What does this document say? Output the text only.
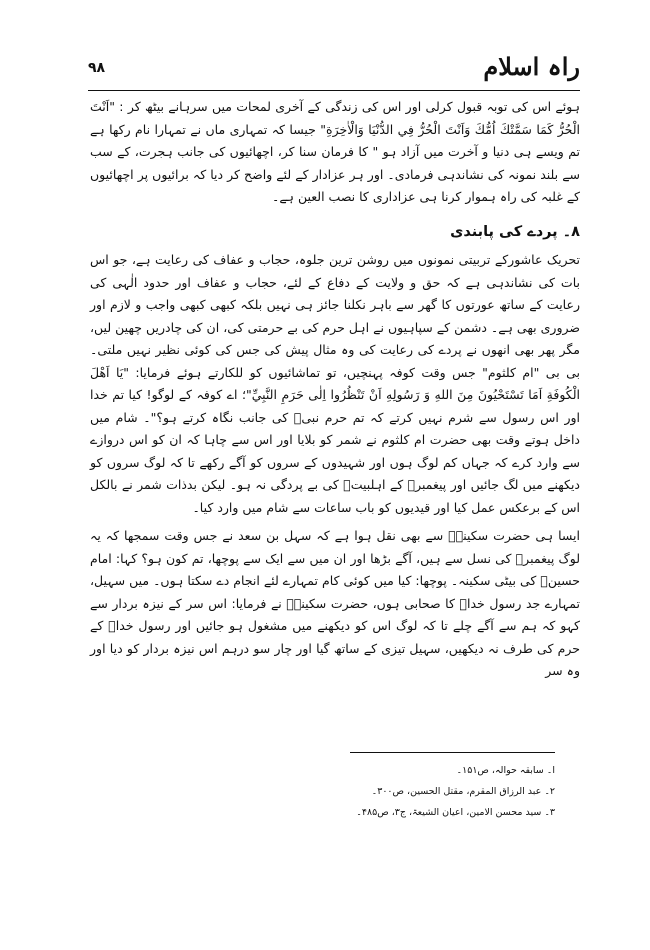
راہ اسلام
۹۸

ہوئے اس کی توبہ قبول کرلی اور اس کی زندگی کے آخری لمحات میں سرہانے بیٹھ کر : "اَنْتَ الْحُرُّ كَمَا سَمَّتْكَ اُمُّكَ وَاَنْتَ الْحُرُّ فِي الدُّنْيَا وَالْاٰخِرَةِ" جیسا کہ تمہاری ماں نے تمہارا نام رکھا ہے تم ویسے ہی دنیا و آخرت میں آزاد ہو " کا فرمان سنا کر، اچھائیوں کی جانب ہجرت، کے سب سے بلند نمونہ کی نشاندہی فرمادی۔ اور ہر عزادار کے لئے واضح کر دیا کہ برائیوں پر اچھائیوں کے غلبہ کی راہ ہموار کرنا ہی عزاداری کا نصب العین ہے۔

۸۔ پردے کی پابندی

تحریک عاشورکے تربیتی نمونوں میں روشن ترین جلوہ، حجاب و عفاف کی رعایت ہے، جو اس بات کی نشاندہی ہے کہ حق و ولایت کے دفاع کے لئے، حجاب و عفاف اور حدود الٰہی کی رعایت کے ساتھ عورتوں کا گھر سے باہر نکلنا جائز ہی نہیں بلکہ کبھی کبھی واجب و لازم اور ضروری بھی ہے۔ دشمن کے سپاہیوں نے اہل حرم کی بے حرمتی کی، ان کی چادریں چھین لیں، مگر پھر بھی انھوں نے پردے کی رعایت کی وہ مثال پیش کی جس کی کوئی نظیر نہیں ملتی۔ بی بی "ام کلثوم" جس وقت کوفہ پہنچیں، تو تماشائیوں کو للکارتے ہوئے فرمایا: "يَا اَهْلَ الْكُوفَةِ اَمَا تَسْتَحْيُونَ مِنَ اللهِ وَ رَسُولِهِ اَنْ تَنْظُرُوا اِلٰى حَرَمِ النَّبِيِّ"؛ اے کوفہ کے لوگو! کیا تم خدا اور اس رسول سے شرم نہیں کرتے کہ تم حرم نبیؐ کی جانب نگاہ کرتے ہو؟"۔ شام میں داخل ہوتے وقت بھی حضرت ام کلثوم نے شمر کو بلایا اور اس سے چاہا کہ ان کو اس دروازے سے وارد کرے کہ جہاں کم لوگ ہوں اور شہیدوں کے سروں کو آگے رکھے تا کہ لوگ سروں کو دیکھنے میں لگ جائیں اور پیغمبرؐ کے اہلبیتؑ کی بے پردگی نہ ہو۔ لیکن بدذات شمر نے بالکل اس کے برعکس عمل کیا اور قیدیوں کو باب ساعات سے شام میں وارد کیا۔

ایسا ہی حضرت سکینہؑ سے بھی نقل ہوا ہے کہ سہل بن سعد نے جس وقت سمجھا کہ یہ لوگ پیغمبرؐ کی نسل سے ہیں، آگے بڑھا اور ان میں سے ایک سے پوچھا، تم کون ہو؟ کہا: امام حسینؑ کی بیٹی سکینہ۔ پوچھا: کیا میں کوئی کام تمہارے لئے انجام دے سکتا ہوں۔ میں سہیل، تمہارے جد رسول خداؐ کا صحابی ہوں، حضرت سکینہؑ نے فرمایا: اس سر کے نیزہ بردار سے کہو کہ ہم سے آگے چلے تا کہ لوگ اس کو دیکھنے میں مشغول ہو جائیں اور رسول خداؐ کے حرم کی طرف نہ دیکھیں، سہیل تیزی کے ساتھ گیا اور چار سو درہم اس نیزہ بردار کو دیا اور وہ سر

ا۔ سابقہ حوالہ، ص۱۵۱۔
۲۔ عبد الرزاق المقرم، مقتل الحسین، ص۳۰۰۔
۳۔ سید محسن الامین، اعیان الشیعۃ، ج۳، ص۴۸۵۔
